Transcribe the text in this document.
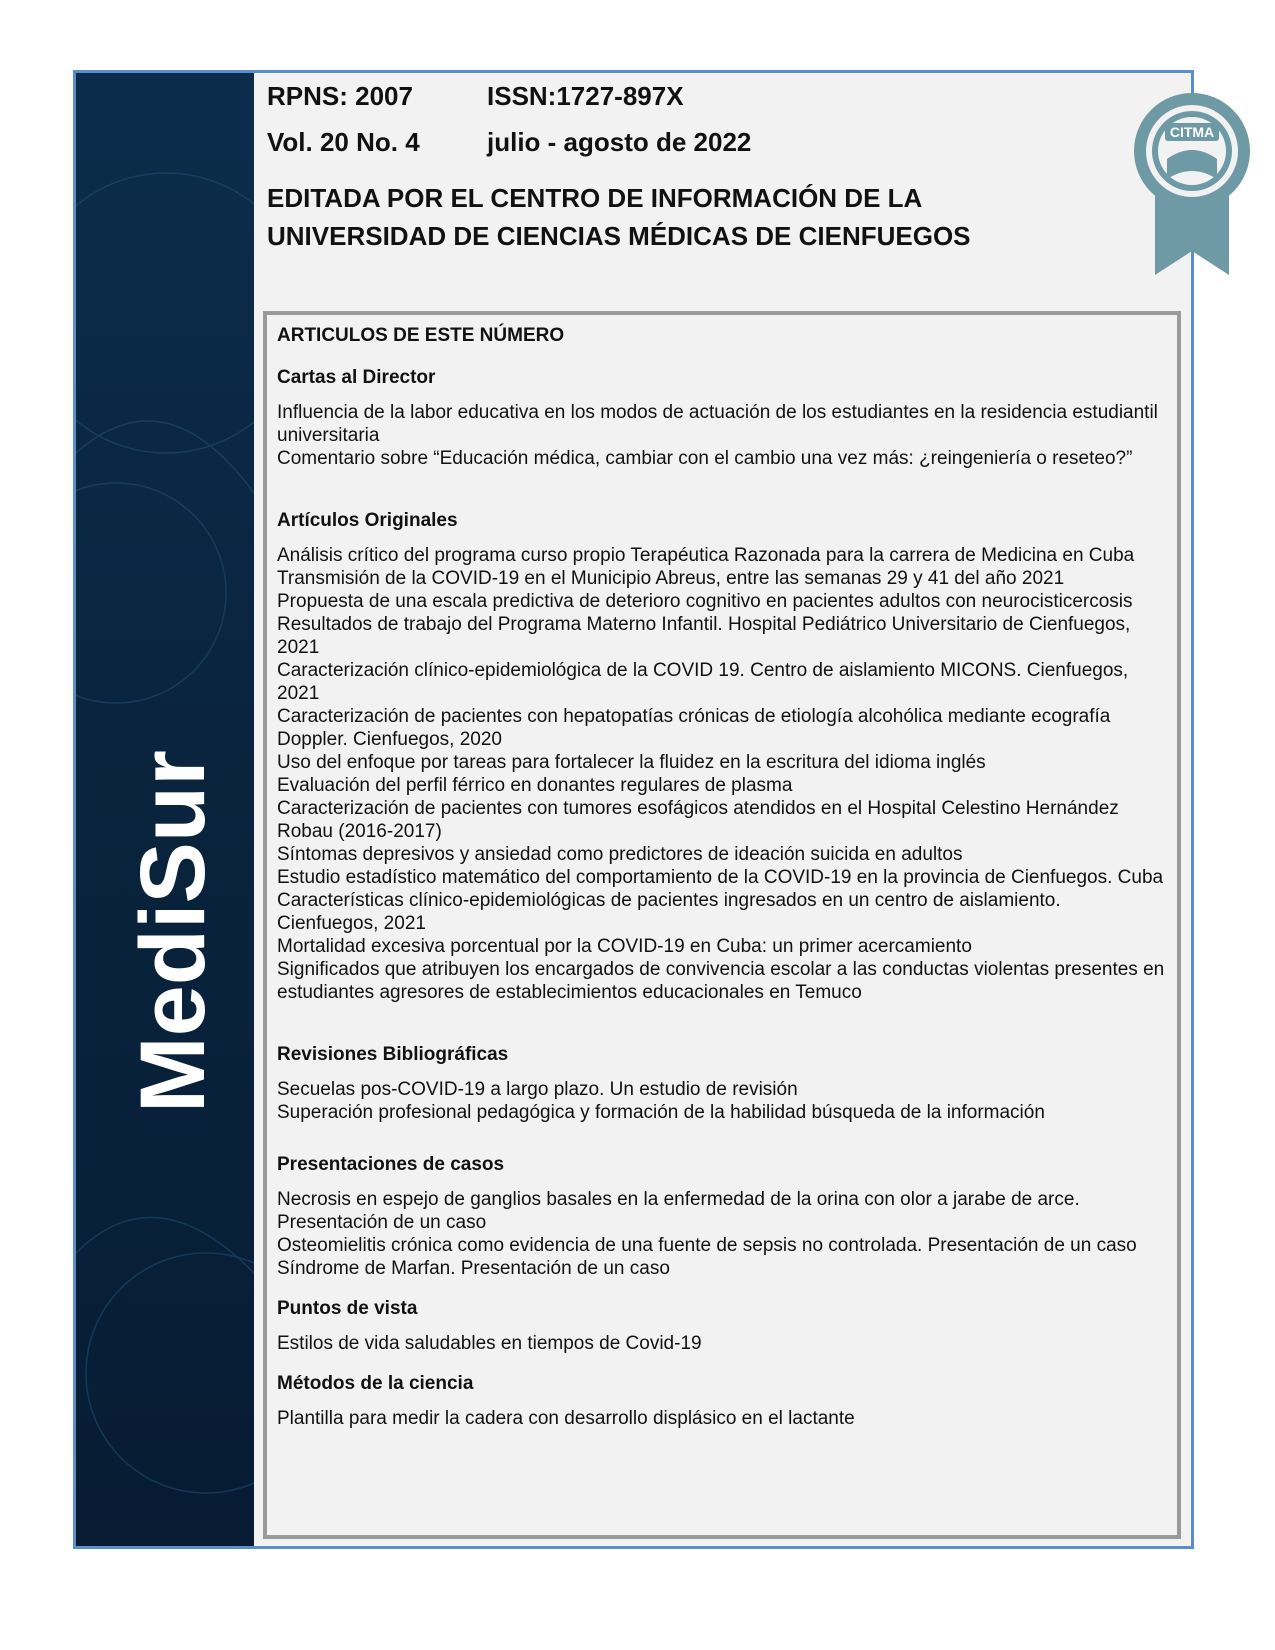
MediSur
RPNS: 2007	ISSN:1727-897X
Vol. 20 No. 4	julio - agosto de 2022
EDITADA POR EL CENTRO DE INFORMACIÓN DE LA
UNIVERSIDAD DE CIENCIAS MÉDICAS DE CIENFUEGOS
CITMA
ARTICULOS DE ESTE NÚMERO
Cartas al Director
Influencia de la labor educativa en los modos de actuación de los estudiantes en la residencia estudiantil universitaria
Comentario sobre “Educación médica, cambiar con el cambio una vez más: ¿reingeniería o reseteo?”
Artículos Originales
Análisis crítico del programa curso propio Terapéutica Razonada para la carrera de Medicina en Cuba
Transmisión de la COVID-19 en el Municipio Abreus, entre las semanas 29 y 41 del año 2021
Propuesta de una escala predictiva de deterioro cognitivo en pacientes adultos con neurocisticercosis
Resultados de trabajo del Programa Materno Infantil. Hospital Pediátrico Universitario de Cienfuegos, 2021
Caracterización clínico-epidemiológica de la COVID 19. Centro de aislamiento MICONS. Cienfuegos, 2021
Caracterización de pacientes con hepatopatías crónicas de etiología alcohólica mediante ecografía Doppler. Cienfuegos, 2020
Uso del enfoque por tareas para fortalecer la fluidez en la escritura del idioma inglés
Evaluación del perfil férrico en donantes regulares de plasma
Caracterización de pacientes con tumores esofágicos atendidos en el Hospital Celestino Hernández Robau (2016-2017)
Síntomas depresivos y ansiedad como predictores de ideación suicida en adultos
Estudio estadístico matemático del comportamiento de la COVID-19 en la provincia de Cienfuegos. Cuba
Características clínico-epidemiológicas de pacientes ingresados en un centro de aislamiento. Cienfuegos, 2021
Mortalidad excesiva porcentual por la COVID-19 en Cuba: un primer acercamiento
Significados que atribuyen los encargados de convivencia escolar a las conductas violentas presentes en estudiantes agresores de establecimientos educacionales en Temuco
Revisiones Bibliográficas
Secuelas pos-COVID-19 a largo plazo. Un estudio de revisión
Superación profesional pedagógica y formación de la habilidad búsqueda de la información
Presentaciones de casos
Necrosis en espejo de ganglios basales en la enfermedad de la orina con olor a jarabe de arce. Presentación de un caso
Osteomielitis crónica como evidencia de una fuente de sepsis no controlada. Presentación de un caso
Síndrome de Marfan. Presentación de un caso
Puntos de vista
Estilos de vida saludables en tiempos de Covid-19
Métodos de la ciencia
Plantilla para medir la cadera con desarrollo displásico en el lactante
